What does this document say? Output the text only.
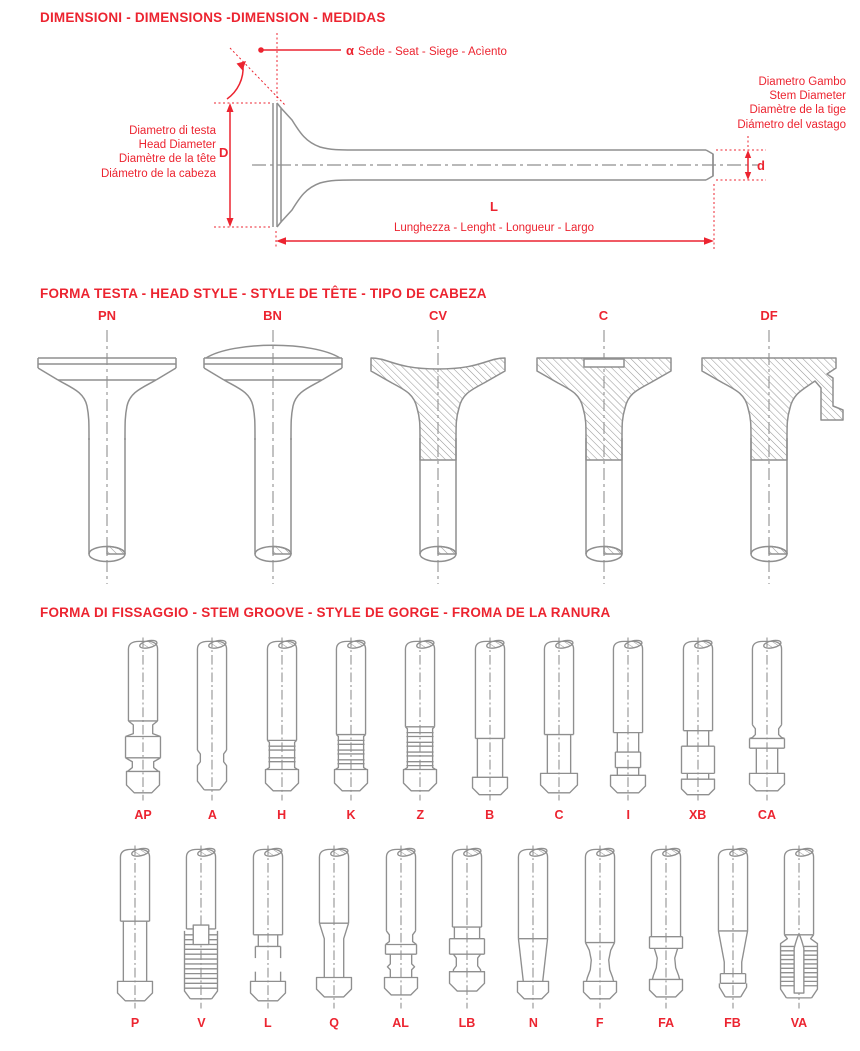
DIMENSIONI - DIMENSIONS -DIMENSION - MEDIDAS
α Sede - Seat - Siege - Acìento
D
d
L
Lunghezza - Lenght - Longueur - Largo
Diametro di testa
Head Diameter
Diamètre de la tête
Diámetro de la cabeza
Diametro Gambo
Stem Diameter
Diamètre de la tige
Diámetro del vastago
FORMA TESTA - HEAD STYLE - STYLE DE TÊTE - TIPO DE CABEZA
PN	BN	CV	C	DF
FORMA DI FISSAGGIO - STEM GROOVE - STYLE DE GORGE - FROMA DE LA RANURA
AP	A	H	K	Z	B	C	I	XB	CA
P	V	L	Q	AL	LB	N	F	FA	FB	VA
